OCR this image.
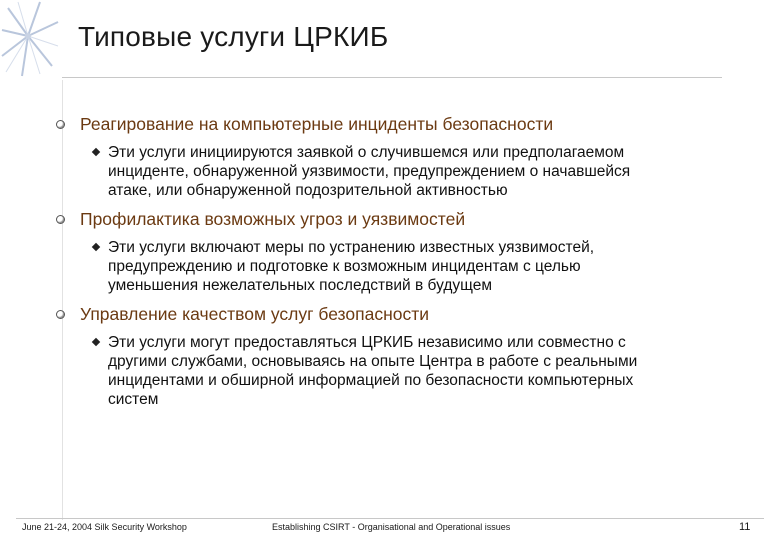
Типовые услуги ЦРКИБ
Реагирование на компьютерные инциденты безопасности
Эти услуги инициируются заявкой о случившемся или предполагаемом
инциденте, обнаруженной уязвимости, предупреждением о начавшейся
атаке, или обнаруженной подозрительной активностью
Профилактика возможных угроз и уязвимостей
Эти услуги включают меры по устранению известных уязвимостей,
предупреждению и подготовке к возможным инцидентам с целью
уменьшения нежелательных последствий в будущем
Управление качеством услуг безопасности
Эти услуги могут предоставляться ЦРКИБ независимо или совместно с
другими службами, основываясь на опыте Центра в работе с реальными
инцидентами и обширной информацией по безопасности компьютерных
систем
June 21-24, 2004 Silk Security Workshop	Establishing CSIRT - Organisational and Operational issues	11
